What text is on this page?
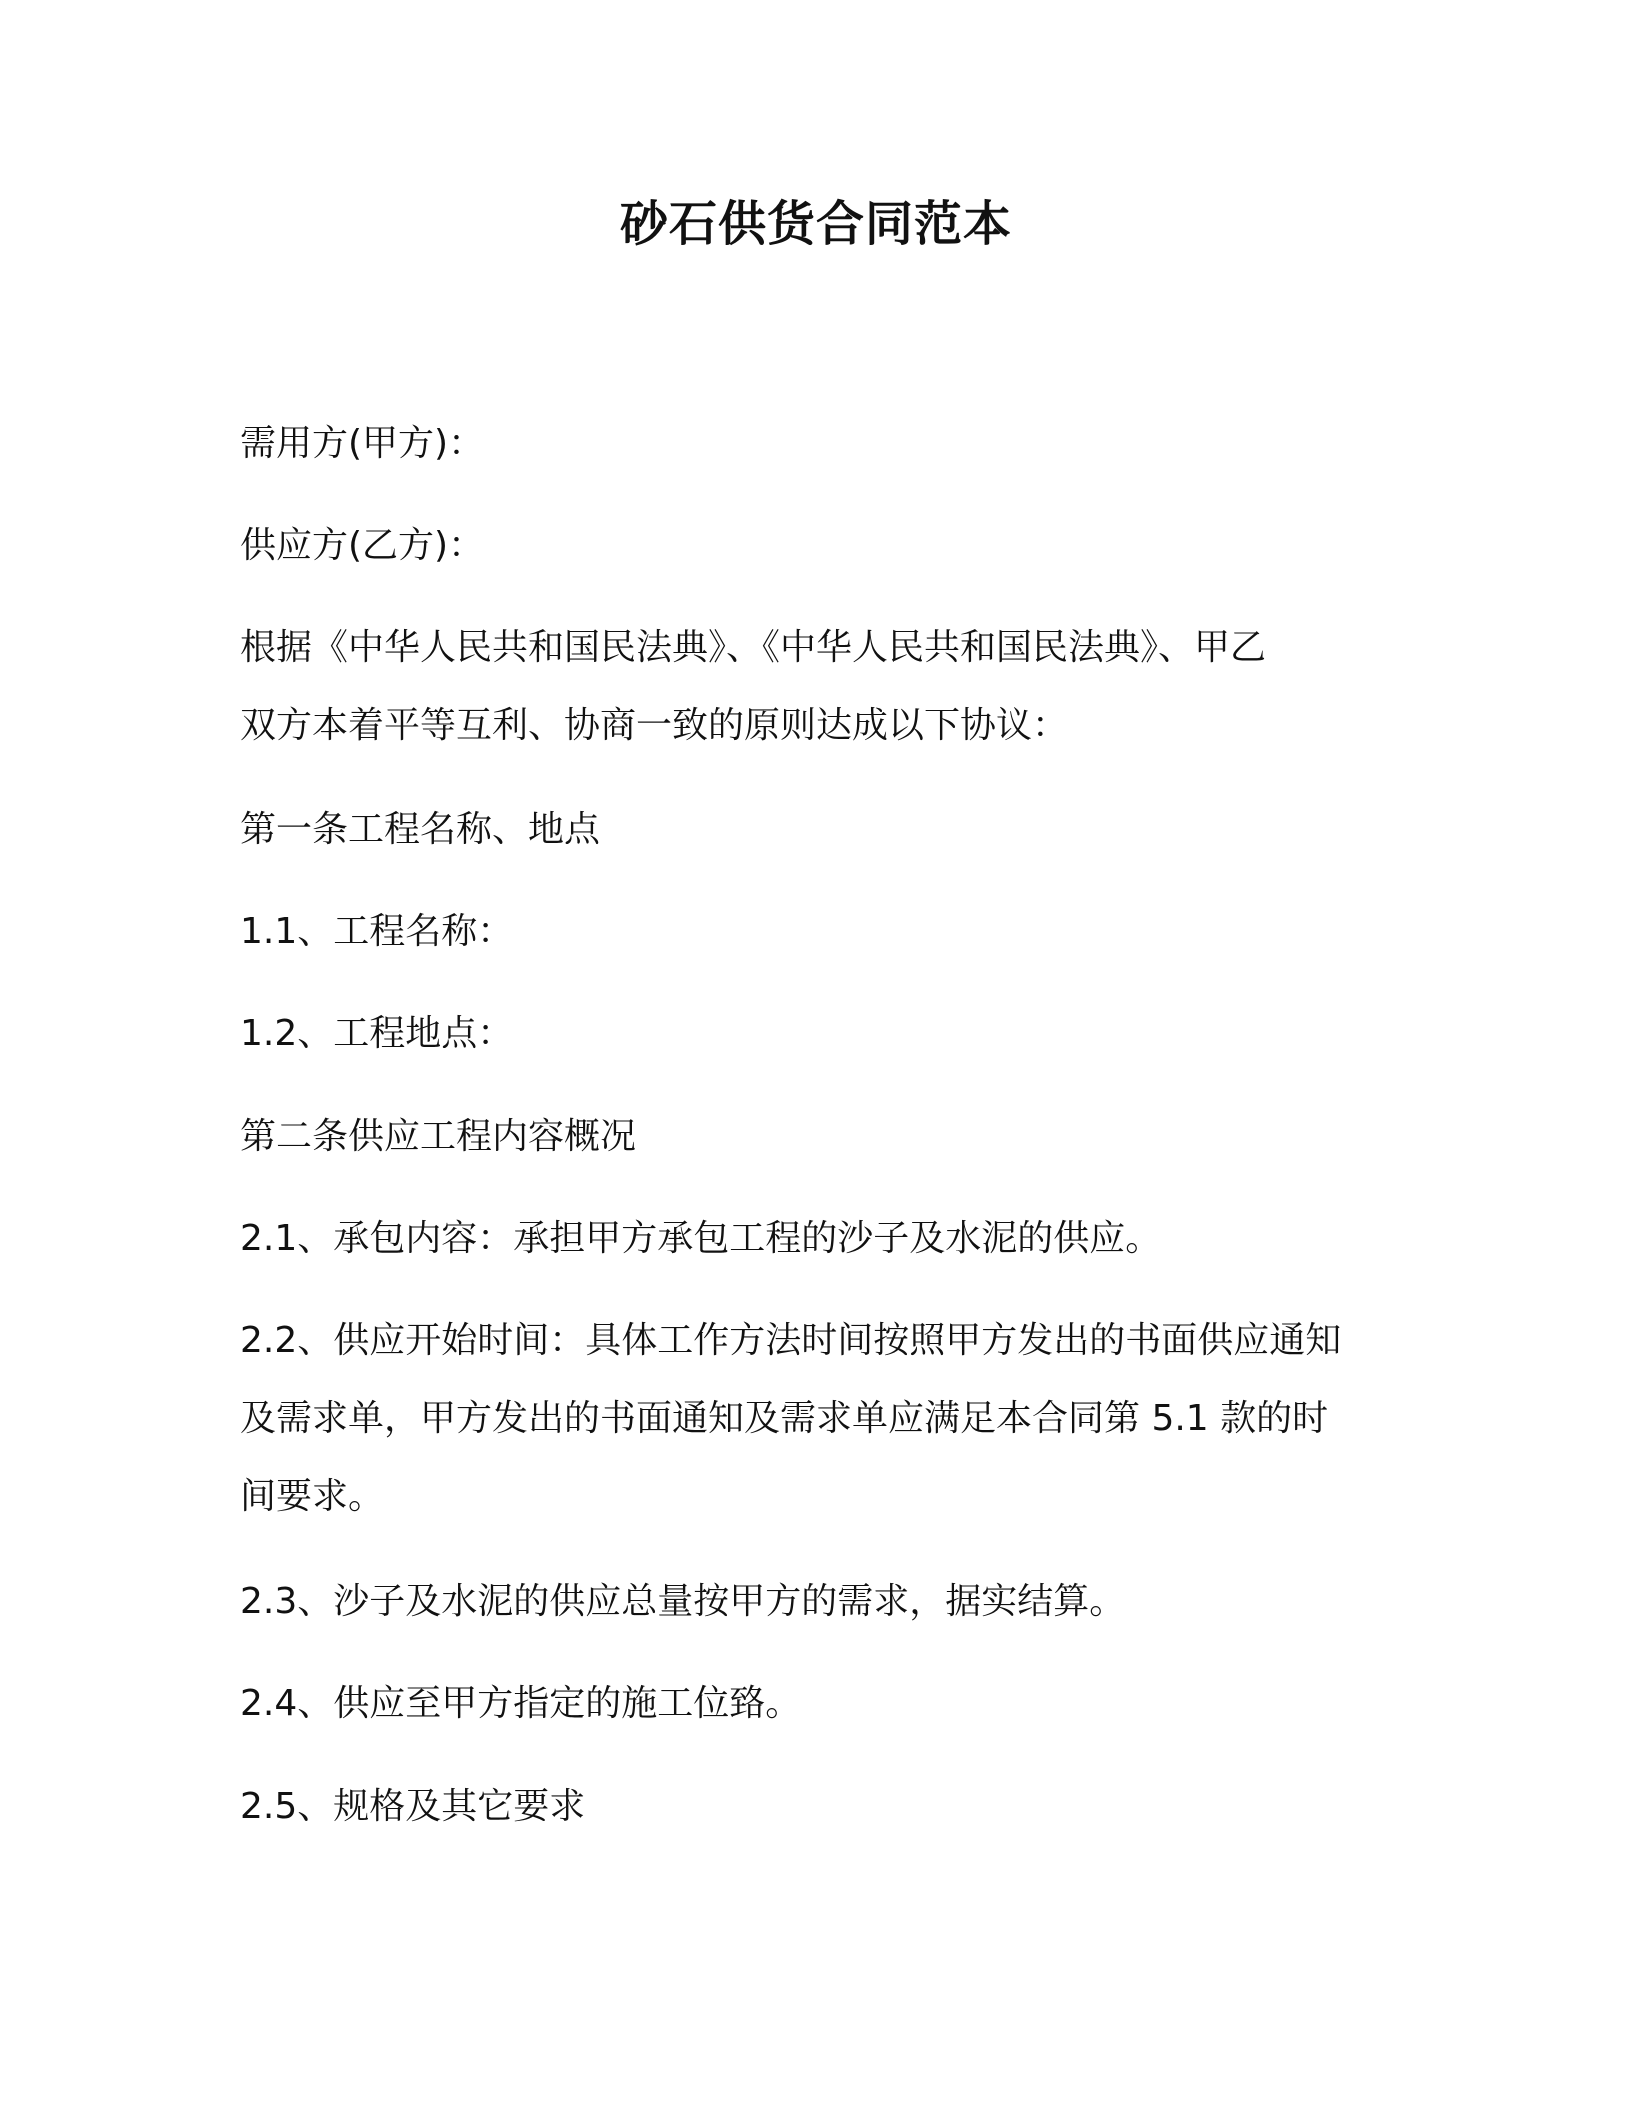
砂石供货合同范本
需用方(甲方)：
供应方(乙方)：
根据《中华人民共和国民法典》、《中华人民共和国民法典》、甲乙
双方本着平等互利、协商一致的原则达成以下协议：
第一条工程名称、地点
1.1、工程名称：
1.2、工程地点：
第二条供应工程内容概况
2.1、承包内容：承担甲方承包工程的沙子及水泥的供应。
2.2、供应开始时间：具体工作方法时间按照甲方发出的书面供应通知
及需求单，甲方发出的书面通知及需求单应满足本合同第 5.1 款的时
间要求。
2.3、沙子及水泥的供应总量按甲方的需求，据实结算。
2.4、供应至甲方指定的施工位臵。
2.5、规格及其它要求
